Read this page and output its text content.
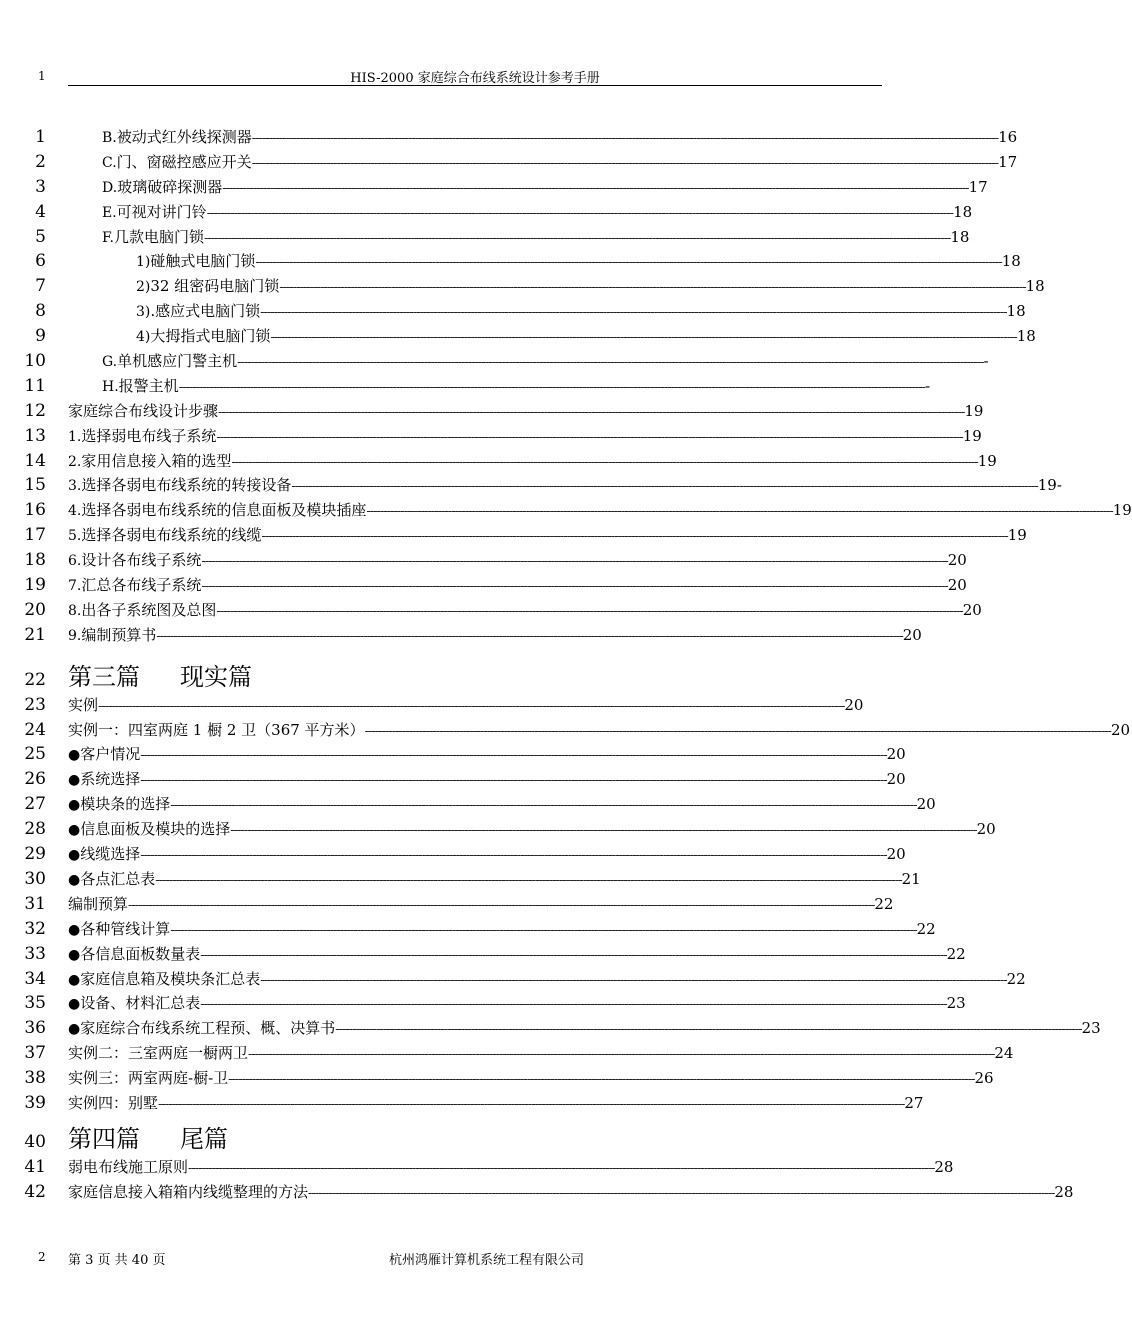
1	HIS-2000 家庭综合布线系统设计参考手册
1	B. 被动式红外线探测器 ---------------------------------------------------------------------------------------------------------------------------------------------------------------------------------------------------------------------------- 16
2	C. 门、窗磁控感应开关 ---------------------------------------------------------------------------------------------------------------------------------------------------------------------------------------------------------------------------- 17
3	D. 玻璃破碎探测器 ---------------------------------------------------------------------------------------------------------------------------------------------------------------------------------------------------------------------------- 17
4	E. 可视对讲门铃 ---------------------------------------------------------------------------------------------------------------------------------------------------------------------------------------------------------------------------- 18
5	F. 几款电脑门锁 ---------------------------------------------------------------------------------------------------------------------------------------------------------------------------------------------------------------------------- 18
6	1) 碰触式电脑门锁 ---------------------------------------------------------------------------------------------------------------------------------------------------------------------------------------------------------------------------- 18
7	2) 32 组密码电脑门锁 ---------------------------------------------------------------------------------------------------------------------------------------------------------------------------------------------------------------------------- 18
8	3) .感应式电脑门锁 ---------------------------------------------------------------------------------------------------------------------------------------------------------------------------------------------------------------------------- 18
9	4) 大拇指式电脑门锁 ---------------------------------------------------------------------------------------------------------------------------------------------------------------------------------------------------------------------------- 18
10	G. 单机感应门警主机 ---------------------------------------------------------------------------------------------------------------------------------------------------------------------------------------------------------------------------- -
11	H. 报警主机 ---------------------------------------------------------------------------------------------------------------------------------------------------------------------------------------------------------------------------- -
12 家庭综合布线设计步骤 ---------------------------------------------------------------------------------------------------------------------------------------------------------------------------------------------------------------------------- 19
13 1. 选择弱电布线子系统 ---------------------------------------------------------------------------------------------------------------------------------------------------------------------------------------------------------------------------- 19
14 2. 家用信息接入箱的选型 ---------------------------------------------------------------------------------------------------------------------------------------------------------------------------------------------------------------------------- 19
15 3. 选择各弱电布线系统的转接设备 ---------------------------------------------------------------------------------------------------------------------------------------------------------------------------------------------------------------------------- 19-
16 4. 选择各弱电布线系统的信息面板及模块插座 ---------------------------------------------------------------------------------------------------------------------------------------------------------------------------------------------------------------------------- 19
17 5. 选择各弱电布线系统的线缆 ---------------------------------------------------------------------------------------------------------------------------------------------------------------------------------------------------------------------------- 19
18 6. 设计各布线子系统 ---------------------------------------------------------------------------------------------------------------------------------------------------------------------------------------------------------------------------- 20
19 7. 汇总各布线子系统 ---------------------------------------------------------------------------------------------------------------------------------------------------------------------------------------------------------------------------- 20
20 8. 出各子系统图及总图 ---------------------------------------------------------------------------------------------------------------------------------------------------------------------------------------------------------------------------- 20
21 9. 编制预算书 ---------------------------------------------------------------------------------------------------------------------------------------------------------------------------------------------------------------------------- 20
22 第三篇 现实篇
23 实例 ---------------------------------------------------------------------------------------------------------------------------------------------------------------------------------------------------------------------------- 20
24 实例一：四室两庭 1 橱 2 卫（367 平方米） ---------------------------------------------------------------------------------------------------------------------------------------------------------------------------------------------------------------------------- 20
25 ● 客户情况 ---------------------------------------------------------------------------------------------------------------------------------------------------------------------------------------------------------------------------- 20
26 ● 系统选择 ---------------------------------------------------------------------------------------------------------------------------------------------------------------------------------------------------------------------------- 20
27 ● 模块条的选择 ---------------------------------------------------------------------------------------------------------------------------------------------------------------------------------------------------------------------------- 20
28 ● 信息面板及模块的选择 ---------------------------------------------------------------------------------------------------------------------------------------------------------------------------------------------------------------------------- 20
29 ● 线缆选择 ---------------------------------------------------------------------------------------------------------------------------------------------------------------------------------------------------------------------------- 20
30 ● 各点汇总表 ---------------------------------------------------------------------------------------------------------------------------------------------------------------------------------------------------------------------------- 21
31 编制预算 ---------------------------------------------------------------------------------------------------------------------------------------------------------------------------------------------------------------------------- 22
32 ● 各种管线计算 ---------------------------------------------------------------------------------------------------------------------------------------------------------------------------------------------------------------------------- 22
33 ● 各信息面板数量表 ---------------------------------------------------------------------------------------------------------------------------------------------------------------------------------------------------------------------------- 22
34 ● 家庭信息箱及模块条汇总表 ---------------------------------------------------------------------------------------------------------------------------------------------------------------------------------------------------------------------------- 22
35 ● 设备、材料汇总表 ---------------------------------------------------------------------------------------------------------------------------------------------------------------------------------------------------------------------------- 23
36 ● 家庭综合布线系统工程预、概、决算书 ---------------------------------------------------------------------------------------------------------------------------------------------------------------------------------------------------------------------------- 23
37 实例二：三室两庭一橱两卫 ---------------------------------------------------------------------------------------------------------------------------------------------------------------------------------------------------------------------------- 24
38 实例三：两室两庭-橱-卫 ---------------------------------------------------------------------------------------------------------------------------------------------------------------------------------------------------------------------------- 26
39 实例四：别墅 ---------------------------------------------------------------------------------------------------------------------------------------------------------------------------------------------------------------------------- 27
40 第四篇 尾篇
41 弱电布线施工原则 ---------------------------------------------------------------------------------------------------------------------------------------------------------------------------------------------------------------------------- 28
42 家庭信息接入箱箱内线缆整理的方法 ---------------------------------------------------------------------------------------------------------------------------------------------------------------------------------------------------------------------------- 28
2 第 3 页 共 40 页	杭州鸿雁计算机系统工程有限公司
